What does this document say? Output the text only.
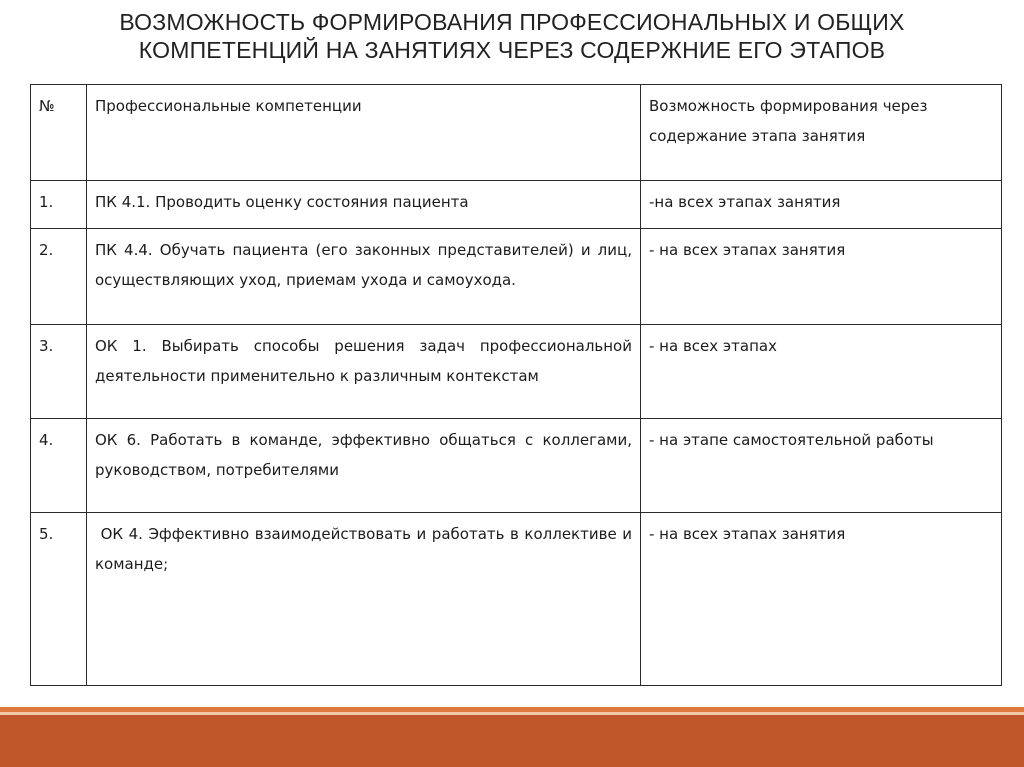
ВОЗМОЖНОСТЬ ФОРМИРОВАНИЯ ПРОФЕССИОНАЛЬНЫХ И ОБЩИХ
КОМПЕТЕНЦИЙ НА ЗАНЯТИЯХ ЧЕРЕЗ СОДЕРЖНИЕ ЕГО ЭТАПОВ
№	Профессиональные компетенции	Возможность формирования через содержание этапа занятия
1.	ПК 4.1. Проводить оценку состояния пациента	-на всех этапах занятия
2.	ПК 4.4. Обучать пациента (его законных представителей) и лиц, осуществляющих уход, приемам ухода и самоухода.	- на всех этапах занятия
3.	ОК 1. Выбирать способы решения задач профессиональной деятельности применительно к различным контекстам	- на всех этапах
4.	ОК 6. Работать в команде, эффективно общаться с коллегами, руководством, потребителями	- на этапе самостоятельной работы
5.	ОК 4. Эффективно взаимодействовать и работать в коллективе и команде;	- на всех этапах занятия
